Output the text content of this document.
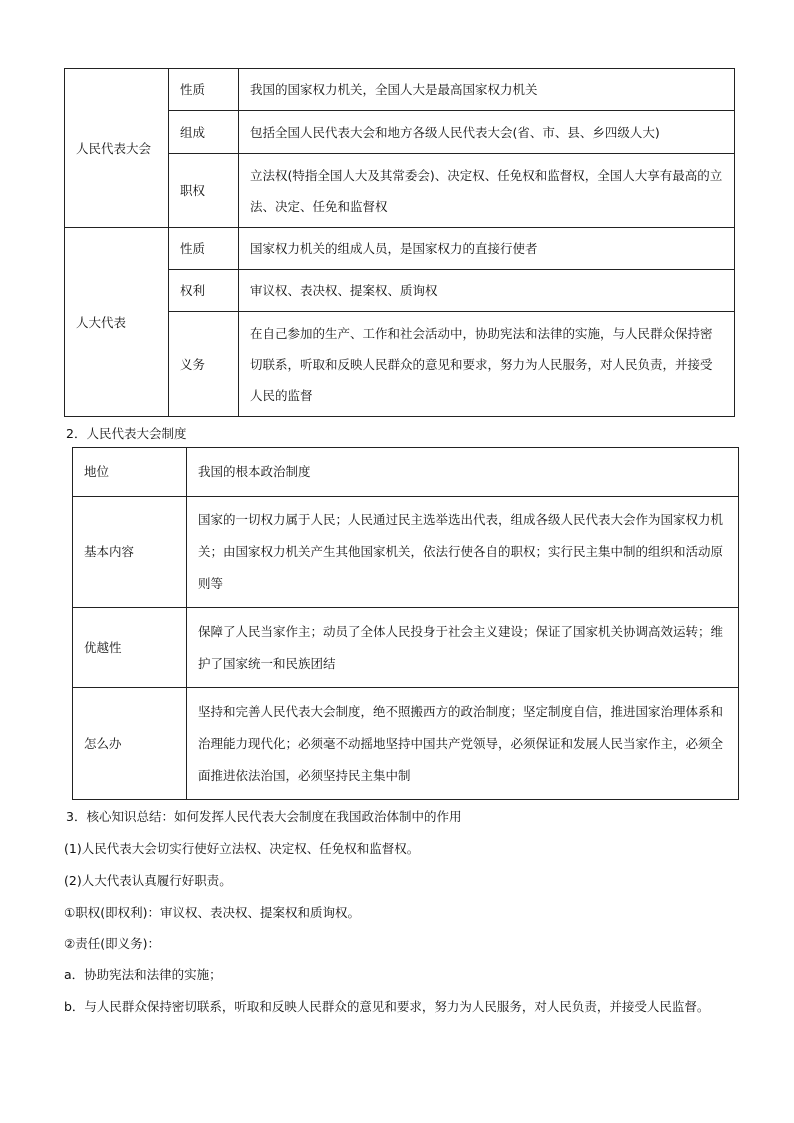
人民代表大会	性质	我国的国家权力机关，全国人大是最高国家权力机关
	组成	包括全国人民代表大会和地方各级人民代表大会(省、市、县、乡四级人大)
	职权	立法权(特指全国人大及其常委会)、决定权、任免权和监督权，全国人大享有最高的立法、决定、任免和监督权
人大代表	性质	国家权力机关的组成人员，是国家权力的直接行使者
	权利	审议权、表决权、提案权、质询权
	义务	在自己参加的生产、工作和社会活动中，协助宪法和法律的实施，与人民群众保持密切联系，听取和反映人民群众的意见和要求，努力为人民服务，对人民负责，并接受人民的监督
2．人民代表大会制度
地位	我国的根本政治制度
基本内容	国家的一切权力属于人民；人民通过民主选举选出代表，组成各级人民代表大会作为国家权力机关；由国家权力机关产生其他国家机关，依法行使各自的职权；实行民主集中制的组织和活动原则等
优越性	保障了人民当家作主；动员了全体人民投身于社会主义建设；保证了国家机关协调高效运转；维护了国家统一和民族团结
怎么办	坚持和完善人民代表大会制度，绝不照搬西方的政治制度；坚定制度自信，推进国家治理体系和治理能力现代化；必须毫不动摇地坚持中国共产党领导，必须保证和发展人民当家作主，必须全面推进依法治国，必须坚持民主集中制
3．核心知识总结：如何发挥人民代表大会制度在我国政治体制中的作用
(1)人民代表大会切实行使好立法权、决定权、任免权和监督权。
(2)人大代表认真履行好职责。
①职权(即权利)：审议权、表决权、提案权和质询权。
②责任(即义务)：
a．协助宪法和法律的实施；
b．与人民群众保持密切联系，听取和反映人民群众的意见和要求，努力为人民服务，对人民负责，并接受人民监督。
